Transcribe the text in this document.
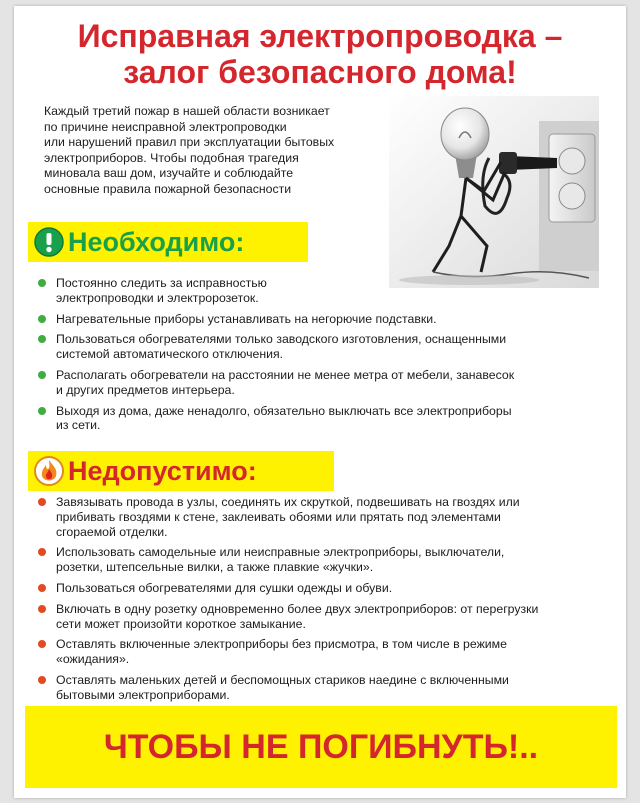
Исправная электропроводка –
залог безопасного дома!
Каждый третий пожар в нашей области возникает
по причине неисправной электропроводки
или нарушений правил при эксплуатации бытовых
электроприборов. Чтобы подобная трагедия
миновала ваш дом, изучайте и соблюдайте
основные правила пожарной безопасности
Необходимо:
Постоянно следить за исправностью
электропроводки и электророзеток.
Нагревательные приборы устанавливать на негорючие подставки.
Пользоваться обогревателями только заводского изготовления, оснащенными
системой автоматического отключения.
Располагать обогреватели на расстоянии не менее метра от мебели, занавесок
и других предметов интерьера.
Выходя из дома, даже ненадолго, обязательно выключать все электроприборы
из сети.
Недопустимо:
Завязывать провода в узлы, соединять их скруткой, подвешивать на гвоздях или
прибивать гвоздями к стене, заклеивать обоями или прятать под элементами
сгораемой отделки.
Использовать самодельные или неисправные электроприборы, выключатели,
розетки, штепсельные вилки, а также плавкие «жучки».
Пользоваться обогревателями для сушки одежды и обуви.
Включать в одну розетку одновременно более двух электроприборов: от перегрузки
сети может произойти короткое замыкание.
Оставлять включенные электроприборы без присмотра, в том числе в режиме
«ожидания».
Оставлять маленьких детей и беспомощных стариков наедине с включенными
бытовыми электроприборами.
ЧТОБЫ НЕ ПОГИБНУТЬ!..
